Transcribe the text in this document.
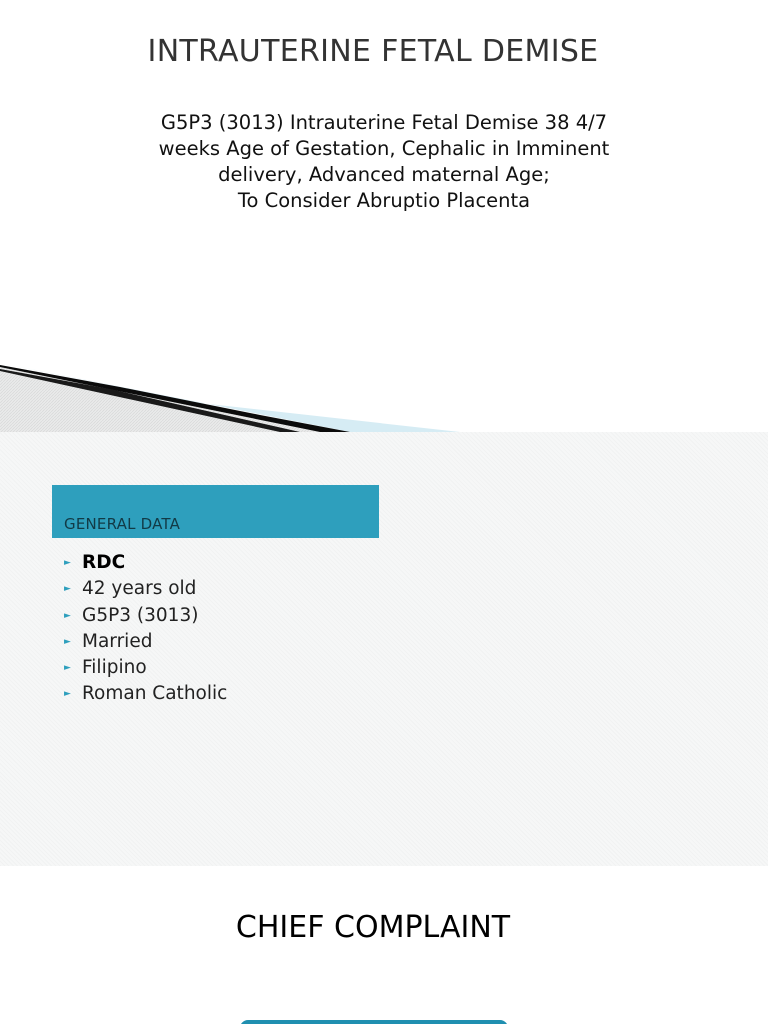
INTRAUTERINE FETAL DEMISE
G5P3 (3013) Intrauterine Fetal Demise 38 4/7
weeks Age of Gestation, Cephalic in Imminent
delivery, Advanced maternal Age;
To Consider Abruptio Placenta
GENERAL DATA
► RDC
► 42 years old
► G5P3 (3013)
► Married
► Filipino
► Roman Catholic
CHIEF COMPLAINT
